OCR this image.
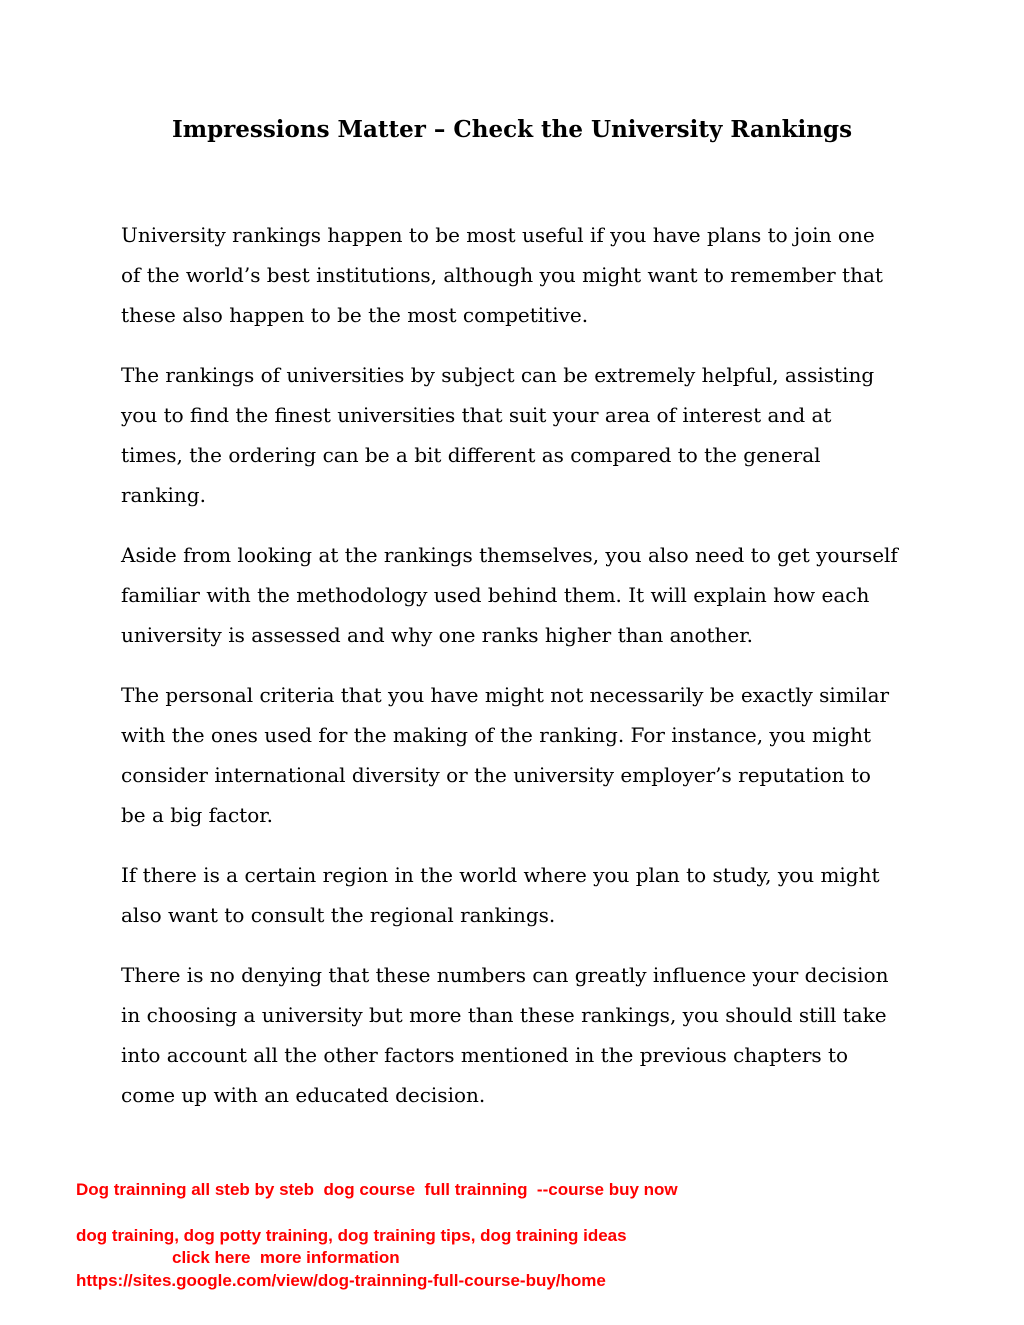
Impressions Matter – Check the University Rankings
University rankings happen to be most useful if you have plans to join one
of the world’s best institutions, although you might want to remember that
these also happen to be the most competitive.
The rankings of universities by subject can be extremely helpful, assisting
you to find the finest universities that suit your area of interest and at
times, the ordering can be a bit different as compared to the general
ranking.
Aside from looking at the rankings themselves, you also need to get yourself
familiar with the methodology used behind them. It will explain how each
university is assessed and why one ranks higher than another.
The personal criteria that you have might not necessarily be exactly similar
with the ones used for the making of the ranking. For instance, you might
consider international diversity or the university employer’s reputation to
be a big factor.
If there is a certain region in the world where you plan to study, you might
also want to consult the regional rankings.
There is no denying that these numbers can greatly influence your decision
in choosing a university but more than these rankings, you should still take
into account all the other factors mentioned in the previous chapters to
come up with an educated decision.

Dog trainning all steb by steb  dog course  full trainning  --course buy now

dog training, dog potty training, dog training tips, dog training ideas

click here  more information

https://sites.google.com/view/dog-trainning-full-course-buy/home
